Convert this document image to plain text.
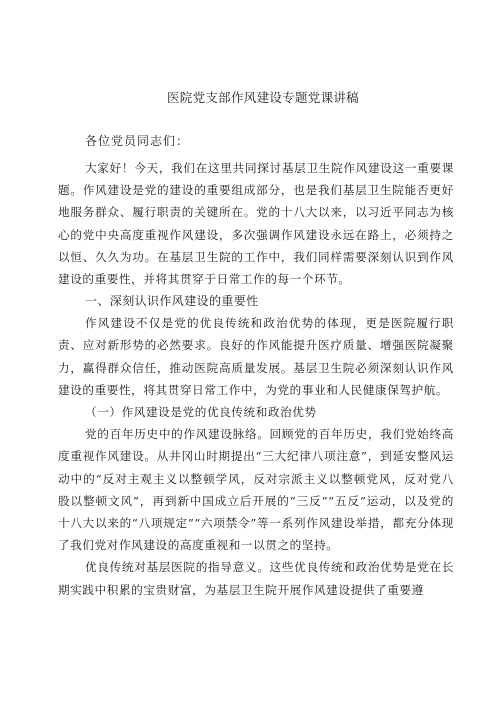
医院党支部作风建设专题党课讲稿
各位党员同志们：

大家好！今天，我们在这里共同探讨基层卫生院作风建设这一重要课题。作风建设是党的建设的重要组成部分，也是我们基层卫生院能否更好地服务群众、履行职责的关键所在。党的十八大以来，以习近平同志为核心的党中央高度重视作风建设，多次强调作风建设永远在路上，必须持之以恒、久久为功。在基层卫生院的工作中，我们同样需要深刻认识到作风建设的重要性，并将其贯穿于日常工作的每一个环节。

一、深刻认识作风建设的重要性

作风建设不仅是党的优良传统和政治优势的体现，更是医院履行职责、应对新形势的必然要求。良好的作风能提升医疗质量、增强医院凝聚力，赢得群众信任，推动医院高质量发展。基层卫生院必须深刻认识作风建设的重要性，将其贯穿日常工作中，为党的事业和人民健康保驾护航。

（一）作风建设是党的优良传统和政治优势

党的百年历史中的作风建设脉络。回顾党的百年历史，我们党始终高度重视作风建设。从井冈山时期提出“三大纪律八项注意”，到延安整风运动中的“反对主观主义以整顿学风，反对宗派主义以整顿党风，反对党八股以整顿文风”，再到新中国成立后开展的“三反”“五反”运动，以及党的十八大以来的“八项规定”“六项禁令”等一系列作风建设举措，都充分体现了我们党对作风建设的高度重视和一以贯之的坚持。

优良传统对基层医院的指导意义。这些优良传统和政治优势是党在长期实践中积累的宝贵财富，为基层卫生院开展作风建设提供了重要遵
